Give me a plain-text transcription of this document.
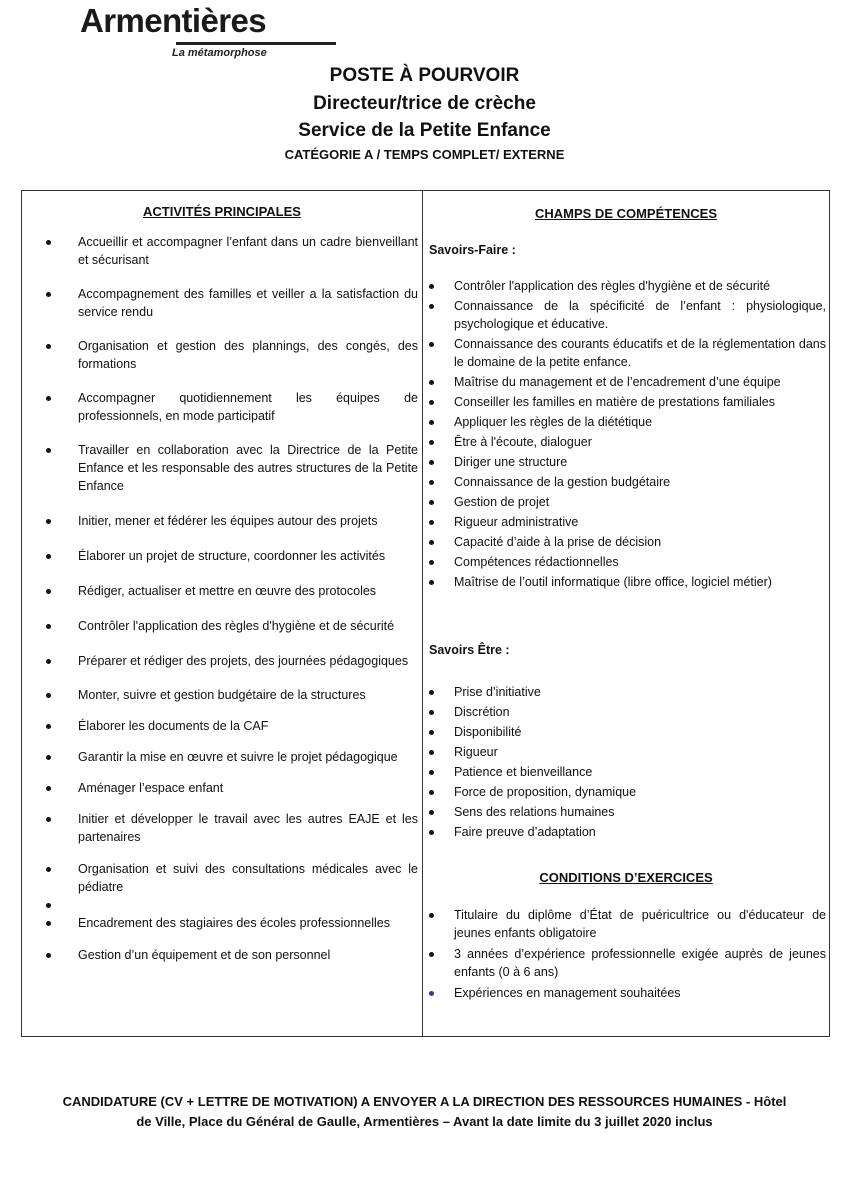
Armentières
La métamorphose
POSTE À POURVOIR
Directeur/trice de crèche
Service de la Petite Enfance
CATÉGORIE A / TEMPS COMPLET/ EXTERNE
ACTIVITÉS PRINCIPALES
Accueillir et accompagner l’enfant dans un cadre bienveillant et sécurisant
Accompagnement des familles et veiller a la satisfaction du service rendu
Organisation et gestion des plannings, des congés, des formations
Accompagner quotidiennement les équipes de professionnels, en mode participatif
Travailler en collaboration avec la Directrice de la Petite Enfance et les responsable des autres structures de la Petite Enfance
Initier, mener et fédérer les équipes autour des projets
Élaborer un projet de structure, coordonner les activités
Rédiger, actualiser et mettre en œuvre des protocoles
Contrôler l'application des règles d'hygiène et de sécurité
Préparer et rédiger des projets, des journées pédagogiques
Monter, suivre et gestion budgétaire de la structures
Élaborer les documents de la CAF
Garantir la mise en œuvre et suivre le projet pédagogique
Aménager l’espace enfant
Initier et développer le travail avec les autres EAJE et les partenaires
Organisation et suivi des consultations médicales avec le pédiatre
Encadrement des stagiaires des écoles professionnelles
Gestion d’un équipement et de son personnel
CHAMPS DE COMPÉTENCES
Savoirs-Faire :
Contrôler l'application des règles d'hygiène et de sécurité
Connaissance de la spécificité de l’enfant : physiologique, psychologique et éducative.
Connaissance des courants éducatifs et de la réglementation dans le domaine de la petite enfance.
Maîtrise du management et de l’encadrement d’une équipe
Conseiller les familles en matière de prestations familiales
Appliquer les règles de la diététique
Être à l'écoute, dialoguer
Diriger une structure
Connaissance de la gestion budgétaire
Gestion de projet
Rigueur administrative
Capacité d’aide à la prise de décision
Compétences rédactionnelles
Maîtrise de l’outil informatique (libre office, logiciel métier)
Savoirs Être :
Prise d’initiative
Discrétion
Disponibilité
Rigueur
Patience et bienveillance
Force de proposition, dynamique
Sens des relations humaines
Faire preuve d’adaptation
CONDITIONS D’EXERCICES
Titulaire du diplôme d’État de puéricultrice ou d'éducateur de jeunes enfants obligatoire
3 années d’expérience professionnelle exigée auprès de jeunes enfants (0 à 6 ans)
Expériences en management souhaitées
CANDIDATURE (CV + LETTRE DE MOTIVATION) A ENVOYER A LA DIRECTION DES RESSOURCES HUMAINES - Hôtel
de Ville, Place du Général de Gaulle, Armentières – Avant la date limite du 3 juillet 2020 inclus
